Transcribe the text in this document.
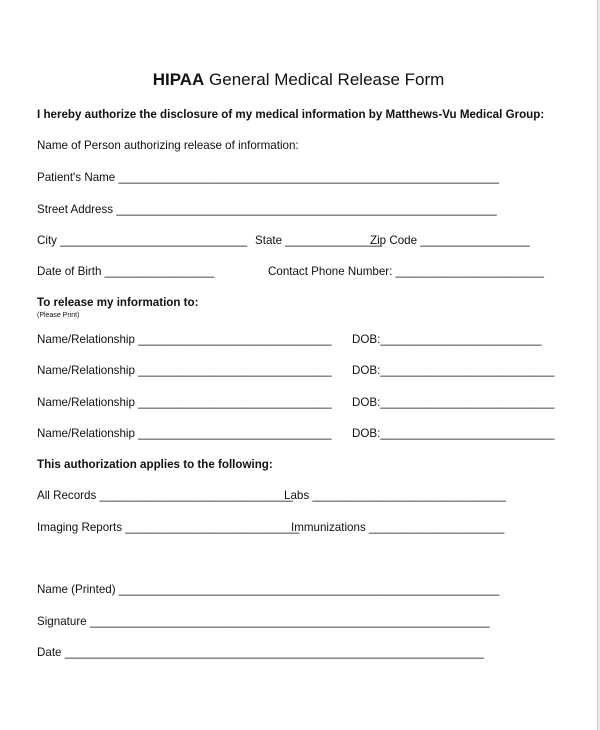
HIPAA General Medical Release Form
I hereby authorize the disclosure of my medical information by Matthews-Vu Medical Group:
Name of Person authorizing release of information:
Patient's Name ___________________________________________________________
Street Address ___________________________________________________________
City _____________________________ State _______________
Zip Code _________________
Date of Birth _________________	Contact Phone Number: _______________________
To release my information to:
(Please Print)
Name/Relationship ______________________________ DOB:_________________________
Name/Relationship ______________________________ DOB:___________________________
Name/Relationship ______________________________ DOB:___________________________
Name/Relationship ______________________________ DOB:___________________________
This authorization applies to the following:
All Records ______________________________
Labs ______________________________
Imaging Reports ___________________________
Immunizations _____________________
Name (Printed) ___________________________________________________________
Signature ______________________________________________________________
Date _________________________________________________________________
